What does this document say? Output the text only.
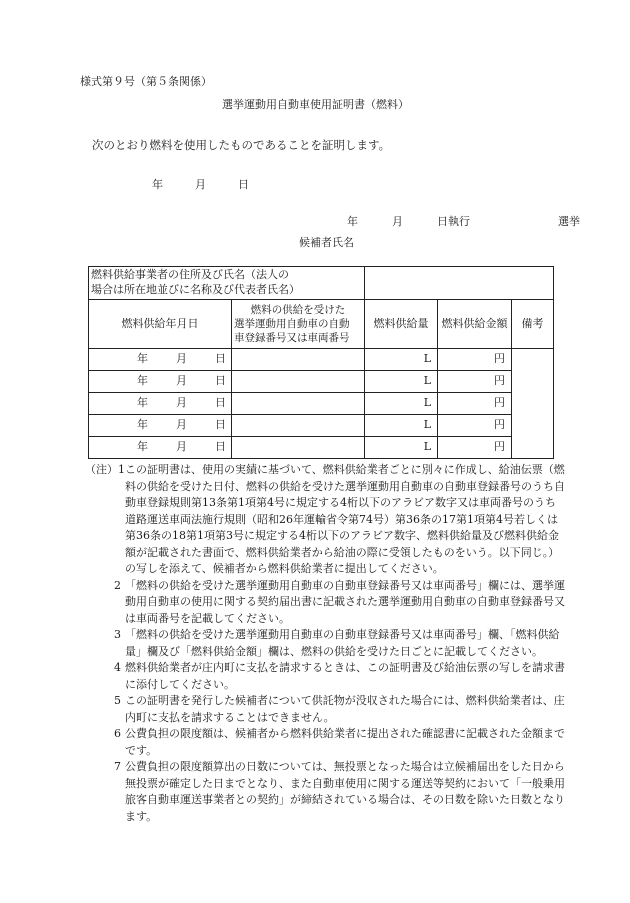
様式第９号（第５条関係）
選挙運動用自動車使用証明書（燃料）
次のとおり燃料を使用したものであることを証明します。
年	月	日
年	月	日執行	選挙
候補者氏名
燃料供給事業者の住所及び氏名（法人の
場合は所在地並びに名称及び代表者氏名）				

燃料供給年月日	燃料の供給を受けた
選挙運動用自動車の自動
車登録番号又は車両番号	燃料供給量	燃料供給金額	備考
年 月 日		L	円	
年 月 日		L	円	
年 月 日		L	円	
年 月 日		L	円	
年 月 日		L	円	
（注）1 この証明書は、使用の実績に基づいて、燃料供給業者ごとに別々に作成し、給油伝票（燃料の供給を受けた日付、燃料の供給を受けた選挙運動用自動車の自動車登録番号のうち自動車登録規則第13条第1項第4号に規定する4桁以下のアラビア数字又は車両番号のうち道路運送車両法施行規則（昭和26年運輸省令第74号）第36条の17第1項第4号若しくは第36条の18第1項第3号に規定する4桁以下のアラビア数字、燃料供給量及び燃料供給金額が記載された書面で、燃料供給業者から給油の際に受領したものをいう。以下同じ。）の写しを添えて、候補者から燃料供給業者に提出してください。
2 「燃料の供給を受けた選挙運動用自動車の自動車登録番号又は車両番号」欄には、選挙運動用自動車の使用に関する契約届出書に記載された選挙運動用自動車の自動車登録番号又は車両番号を記載してください。
3 「燃料の供給を受けた選挙運動用自動車の自動車登録番号又は車両番号」欄、「燃料供給量」欄及び「燃料供給金額」欄は、燃料の供給を受けた日ごとに記載してください。
4 燃料供給業者が庄内町に支払を請求するときは、この証明書及び給油伝票の写しを請求書に添付してください。
5 この証明書を発行した候補者について供託物が没収された場合には、燃料供給業者は、庄内町に支払を請求することはできません。
6 公費負担の限度額は、候補者から燃料供給業者に提出された確認書に記載された金額までです。
7 公費負担の限度額算出の日数については、無投票となった場合は立候補届出をした日から無投票が確定した日までとなり、また自動車使用に関する運送等契約において「一般乗用旅客自動車運送事業者との契約」が締結されている場合は、その日数を除いた日数となります。
